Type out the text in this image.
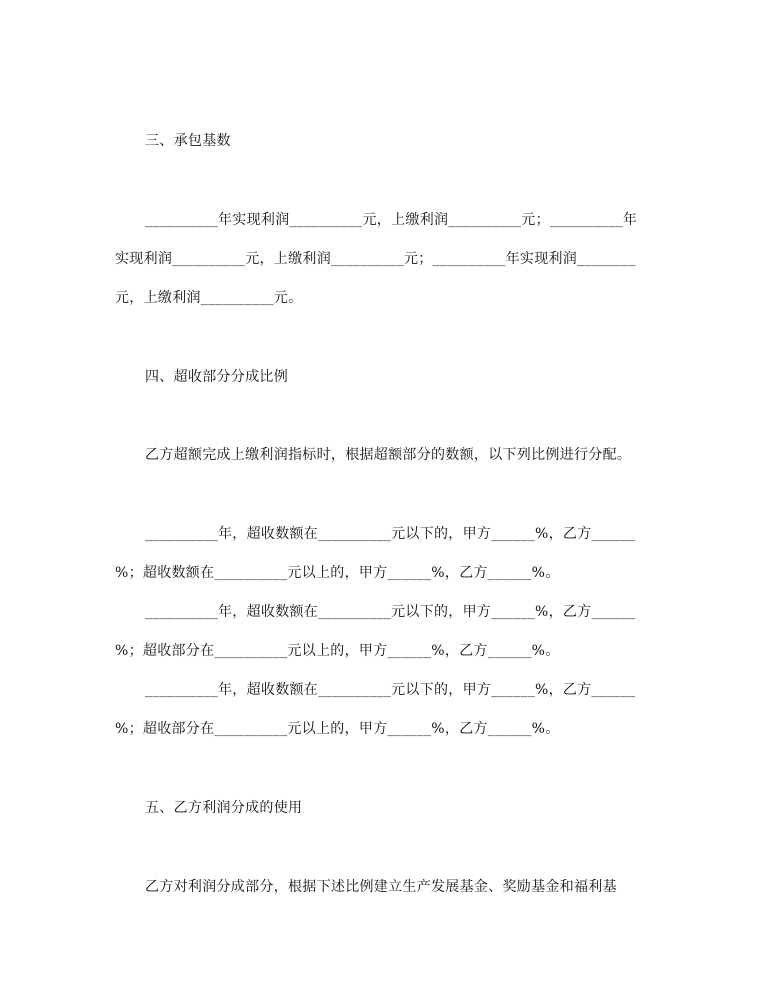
三、承包基数
__________年实现利润__________元，上缴利润__________元；__________年
实现利润__________元，上缴利润__________元；__________年实现利润________
元，上缴利润__________元。
四、超收部分分成比例
乙方超额完成上缴利润指标时，根据超额部分的数额，以下列比例进行分配。
__________年，超收数额在__________元以下的，甲方______%，乙方______
%；超收数额在__________元以上的，甲方______%，乙方______%。
__________年，超收数额在__________元以下的，甲方______%，乙方______
%；超收部分在__________元以上的，甲方______%，乙方______%。
__________年，超收数额在__________元以下的，甲方______%，乙方______
%；超收部分在__________元以上的，甲方______%，乙方______%。
五、乙方利润分成的使用
乙方对利润分成部分，根据下述比例建立生产发展基金、奖励基金和福利基
